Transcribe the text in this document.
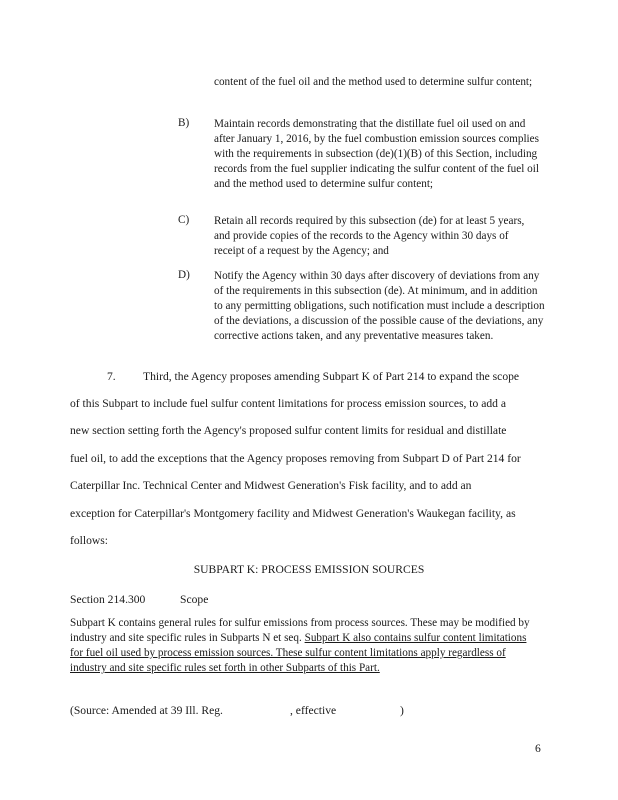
content of the fuel oil and the method used to determine sulfur content;
B) Maintain records demonstrating that the distillate fuel oil used on and after January 1, 2016, by the fuel combustion emission sources complies with the requirements in subsection (de)(1)(B) of this Section, including records from the fuel supplier indicating the sulfur content of the fuel oil and the method used to determine sulfur content;
C) Retain all records required by this subsection (de) for at least 5 years, and provide copies of the records to the Agency within 30 days of receipt of a request by the Agency; and
D) Notify the Agency within 30 days after discovery of deviations from any of the requirements in this subsection (de). At minimum, and in addition to any permitting obligations, such notification must include a description of the deviations, a discussion of the possible cause of the deviations, any corrective actions taken, and any preventative measures taken.
7. Third, the Agency proposes amending Subpart K of Part 214 to expand the scope
of this Subpart to include fuel sulfur content limitations for process emission sources, to add a
new section setting forth the Agency's proposed sulfur content limits for residual and distillate
fuel oil, to add the exceptions that the Agency proposes removing from Subpart D of Part 214 for
Caterpillar Inc. Technical Center and Midwest Generation's Fisk facility, and to add an
exception for Caterpillar's Montgomery facility and Midwest Generation's Waukegan facility, as
follows:
SUBPART K: PROCESS EMISSION SOURCES
Section 214.300	Scope
Subpart K contains general rules for sulfur emissions from process sources. These may be modified by industry and site specific rules in Subparts N et seq. Subpart K also contains sulfur content limitations for fuel oil used by process emission sources. These sulfur content limitations apply regardless of industry and site specific rules set forth in other Subparts of this Part.
(Source: Amended at 39 Ill. Reg.	, effective	)
6
